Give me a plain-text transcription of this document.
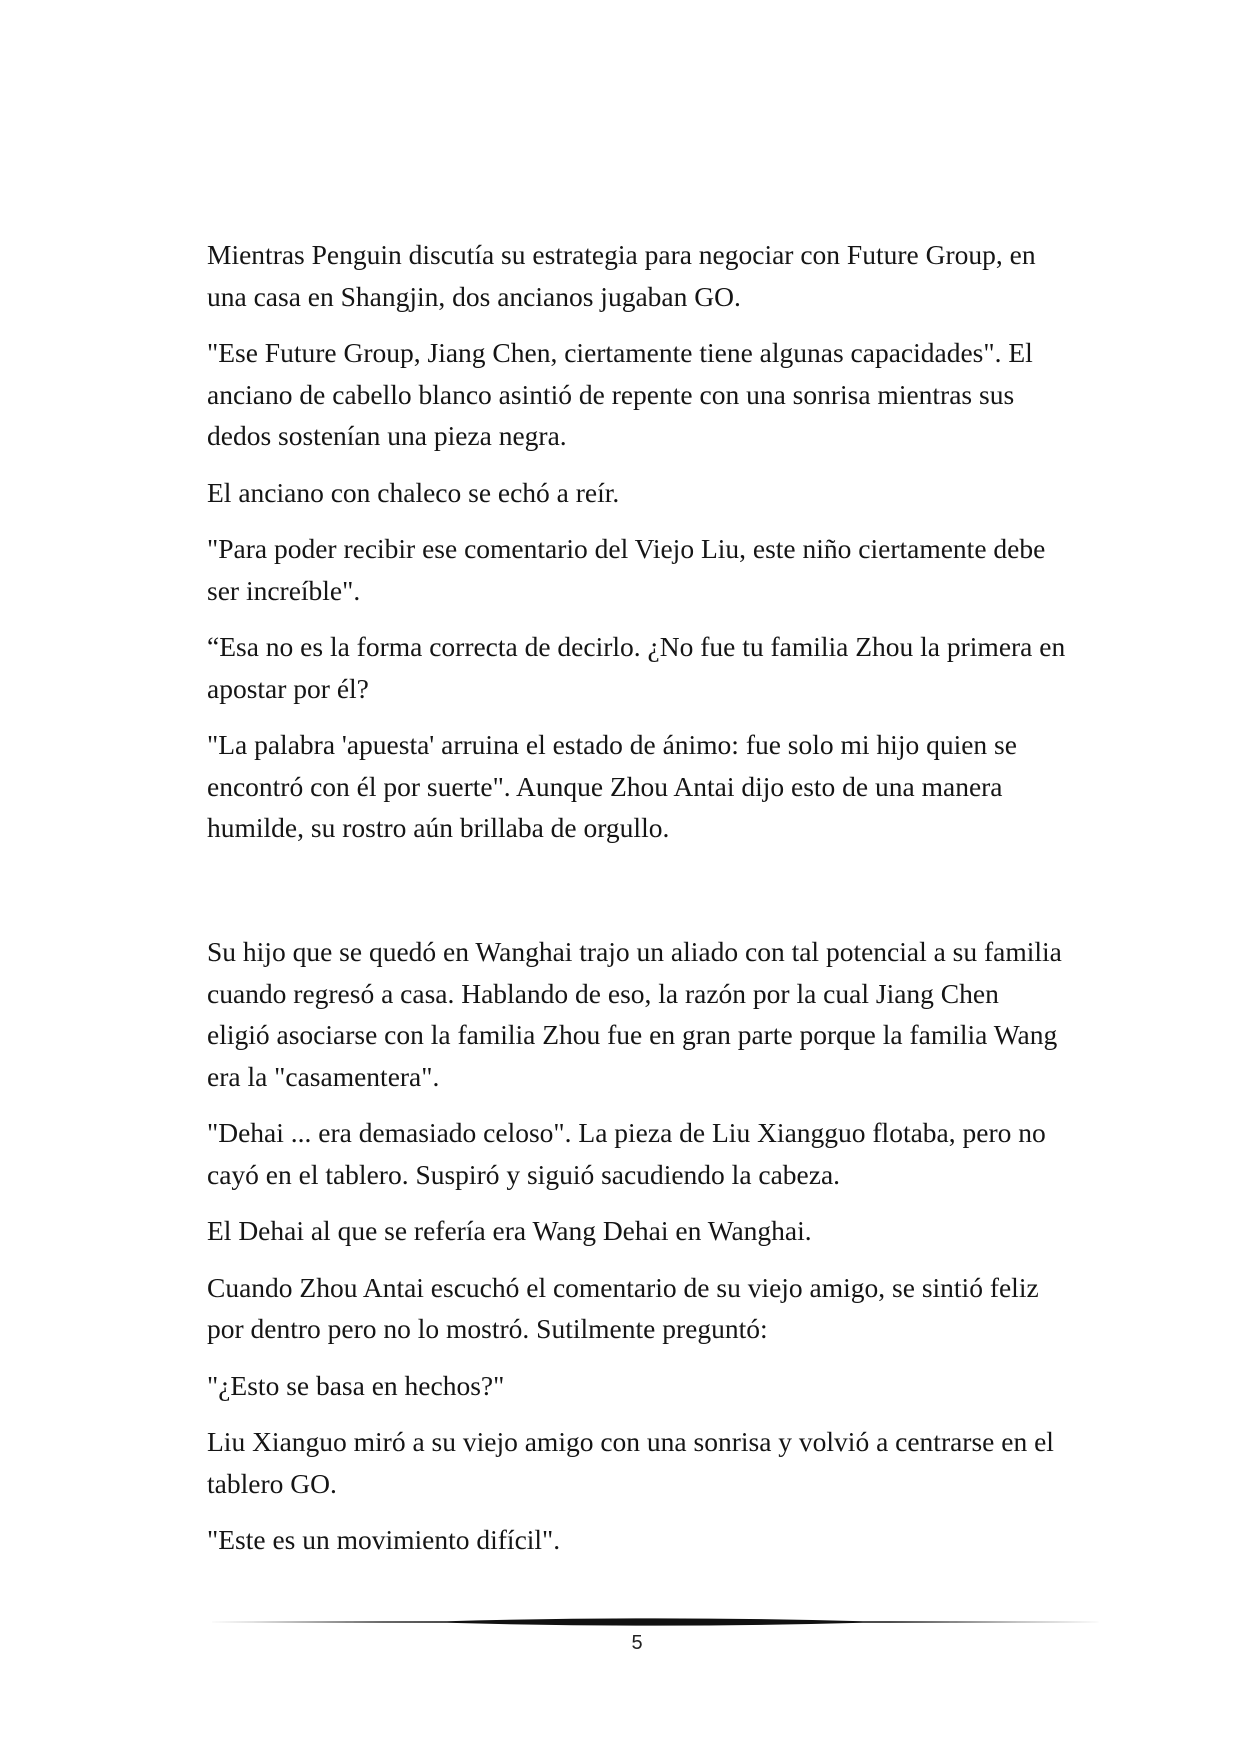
Mientras Penguin discutía su estrategia para negociar con Future Group, en una casa en Shangjin, dos ancianos jugaban GO.

"Ese Future Group, Jiang Chen, ciertamente tiene algunas capacidades". El anciano de cabello blanco asintió de repente con una sonrisa mientras sus dedos sostenían una pieza negra.

El anciano con chaleco se echó a reír.

"Para poder recibir ese comentario del Viejo Liu, este niño ciertamente debe ser increíble".

“Esa no es la forma correcta de decirlo. ¿No fue tu familia Zhou la primera en apostar por él?

"La palabra 'apuesta' arruina el estado de ánimo: fue solo mi hijo quien se encontró con él por suerte". Aunque Zhou Antai dijo esto de una manera humilde, su rostro aún brillaba de orgullo.

Su hijo que se quedó en Wanghai trajo un aliado con tal potencial a su familia cuando regresó a casa. Hablando de eso, la razón por la cual Jiang Chen eligió asociarse con la familia Zhou fue en gran parte porque la familia Wang era la "casamentera".

"Dehai ... era demasiado celoso". La pieza de Liu Xiangguo flotaba, pero no cayó en el tablero. Suspiró y siguió sacudiendo la cabeza.

El Dehai al que se refería era Wang Dehai en Wanghai.

Cuando Zhou Antai escuchó el comentario de su viejo amigo, se sintió feliz por dentro pero no lo mostró. Sutilmente preguntó:

"¿Esto se basa en hechos?"

Liu Xianguo miró a su viejo amigo con una sonrisa y volvió a centrarse en el tablero GO.

"Este es un movimiento difícil".

5
